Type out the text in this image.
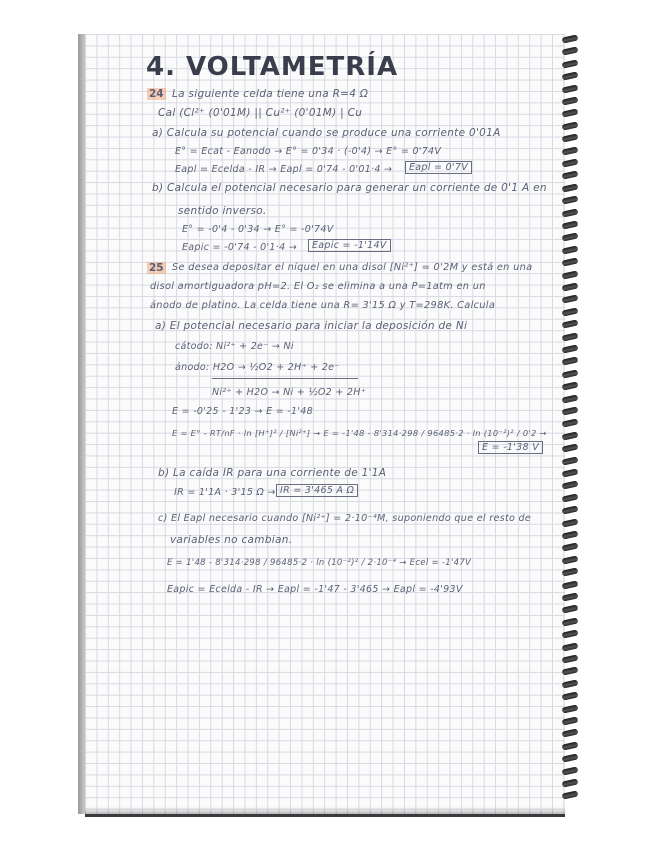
4. VOLTAMETRÍA
24 La siguiente celda tiene una R=4 Ω
Cal (Cl²⁺ (0'01M) || Cu²⁺ (0'01M) | Cu
a) Calcula su potencial cuando se produce una corriente 0'01A
E° = Ecat - Eanodo → E° = 0'34 · (-0'4) → E° = 0'74V
Eapl = Ecelda - IR → Eapl = 0'74 - 0'01·4 →	Eapl = 0'7V
b) Calcula el potencial necesario para generar un corriente de 0'1 A en
sentido inverso.
E° = -0'4 - 0'34 → E° = -0'74V
Eapic = -0'74 - 0'1·4 →	Eapic = -1'14V
25 Se desea depositar el níquel en una disol [Ni²⁺] = 0'2M y está en una
disol amortiguadora pH=2. El O₂ se elimina a una P=1atm en un
ánodo de platino. La celda tiene una R= 3'15 Ω y T=298K. Calcula
a) El potencial necesario para iniciar la deposición de Ni
cátodo: Ni²⁺ + 2e⁻ → Ni
ánodo: H2O → ½O2 + 2H⁺ + 2e⁻
Ni²⁺ + H2O → Ni + ½O2 + 2H⁺
E = -0'25 - 1'23 → E = -1'48
E = E° - RT/nF · ln [H⁺]² / [Ni²⁺] → E = -1'48 - 8'314·298 / 96485·2 · ln (10⁻²)² / 0'2 →
E = -1'38 V
b) La caída IR para una corriente de 1'1A
IR = 1'1A · 3'15 Ω → IR = 3'465 A Ω
c) El Eapl necesario cuando [Ni²⁺] = 2·10⁻⁴M, suponiendo que el resto de
variables no cambian.
E = 1'48 - 8'314·298 / 96485·2 · ln (10⁻²)² / 2·10⁻⁴ → Ecel = -1'47V
Eapic = Ecelda - IR → Eapl = -1'47 - 3'465 → Eapl = -4'93V
